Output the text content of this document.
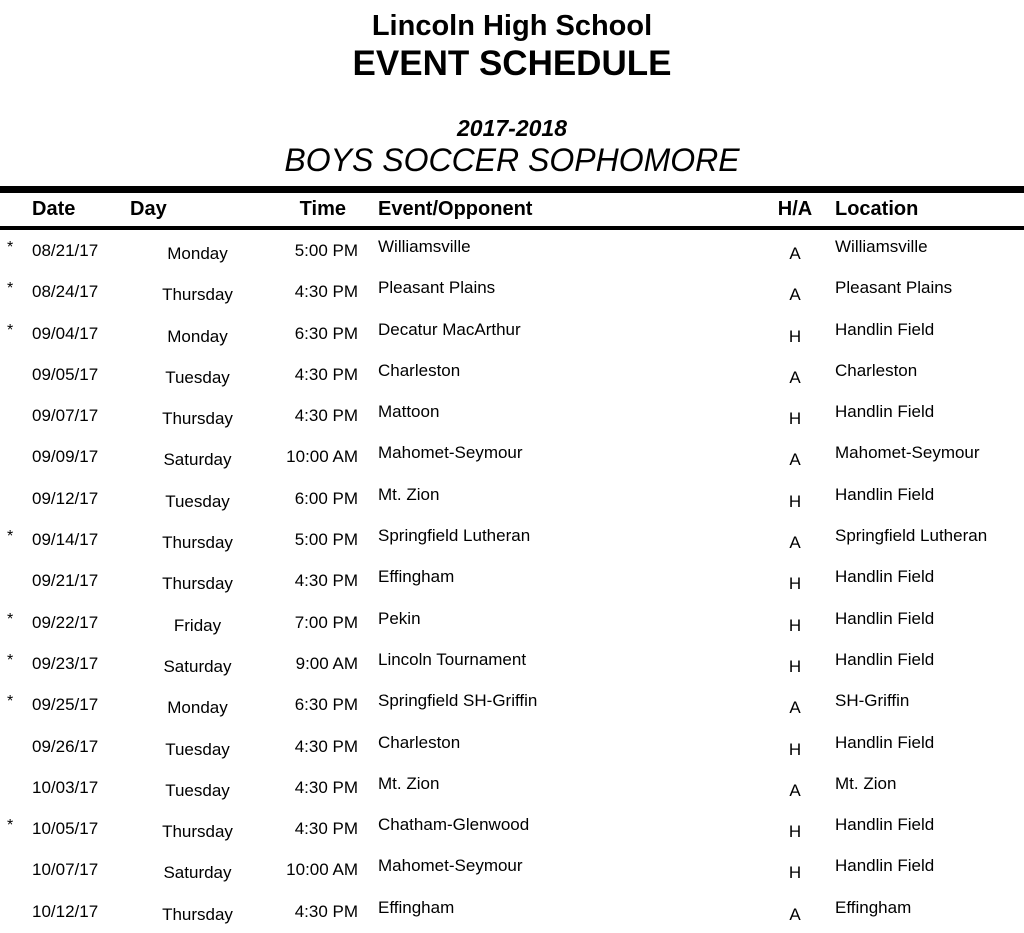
Lincoln High School
EVENT SCHEDULE
2017-2018
BOYS SOCCER SOPHOMORE
Date	Day	Time	Event/Opponent	H/A	Location
*	08/21/17	Monday	5:00 PM	Williamsville	A	Williamsville
*	08/24/17	Thursday	4:30 PM	Pleasant Plains	A	Pleasant Plains
*	09/04/17	Monday	6:30 PM	Decatur MacArthur	H	Handlin Field
09/05/17	Tuesday	4:30 PM	Charleston	A	Charleston
09/07/17	Thursday	4:30 PM	Mattoon	H	Handlin Field
09/09/17	Saturday	10:00 AM	Mahomet-Seymour	A	Mahomet-Seymour
09/12/17	Tuesday	6:00 PM	Mt. Zion	H	Handlin Field
*	09/14/17	Thursday	5:00 PM	Springfield Lutheran	A	Springfield Lutheran
09/21/17	Thursday	4:30 PM	Effingham	H	Handlin Field
*	09/22/17	Friday	7:00 PM	Pekin	H	Handlin Field
*	09/23/17	Saturday	9:00 AM	Lincoln Tournament	H	Handlin Field
*	09/25/17	Monday	6:30 PM	Springfield SH-Griffin	A	SH-Griffin
09/26/17	Tuesday	4:30 PM	Charleston	H	Handlin Field
10/03/17	Tuesday	4:30 PM	Mt. Zion	A	Mt. Zion
*	10/05/17	Thursday	4:30 PM	Chatham-Glenwood	H	Handlin Field
10/07/17	Saturday	10:00 AM	Mahomet-Seymour	H	Handlin Field
10/12/17	Thursday	4:30 PM	Effingham	A	Effingham
